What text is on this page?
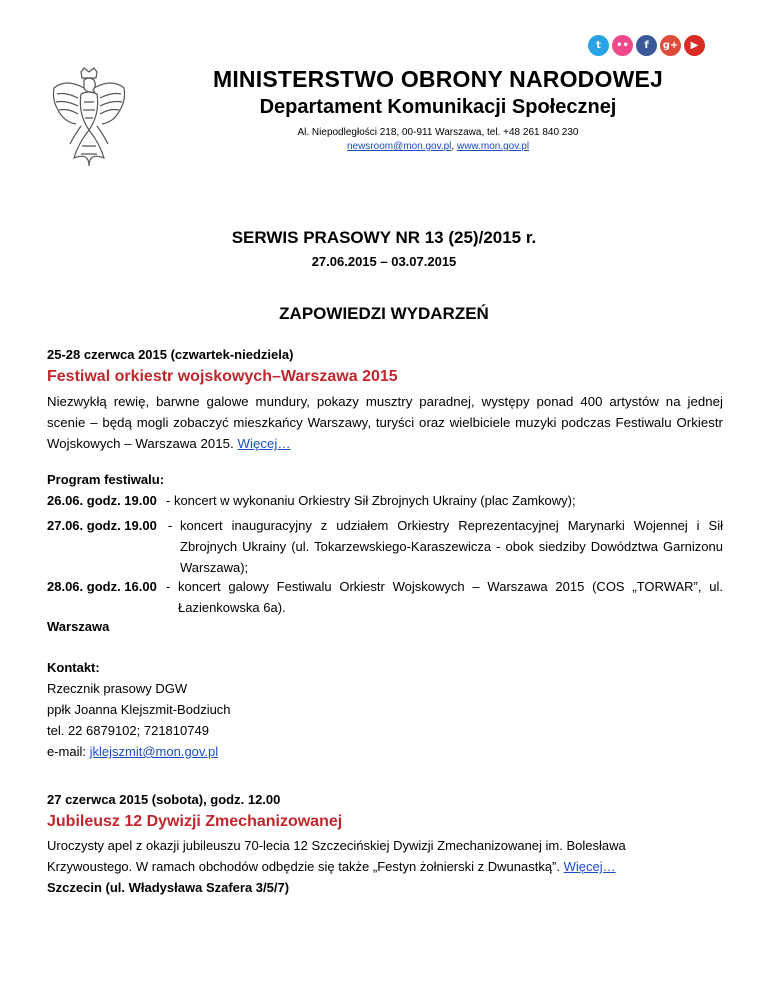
t	••	f	g+	▶
MINISTERSTWO OBRONY NARODOWEJ
Departament Komunikacji Społecznej
Al. Niepodległości 218, 00-911 Warszawa, tel. +48 261 840 230
newsroom@mon.gov.pl, www.mon.gov.pl
SERWIS PRASOWY NR 13 (25)/2015 r.
27.06.2015 – 03.07.2015
ZAPOWIEDZI WYDARZEŃ
25-28 czerwca 2015 (czwartek-niedziela)
Festiwal orkiestr wojskowych–Warszawa 2015
Niezwykłą rewię, barwne galowe mundury, pokazy musztry paradnej, występy ponad 400 artystów na jednej scenie – będą mogli zobaczyć mieszkańcy Warszawy, turyści oraz wielbiciele muzyki podczas Festiwalu Orkiestr Wojskowych – Warszawa 2015. Więcej…
Program festiwalu:
26.06. godz. 19.00 - koncert w wykonaniu Orkiestry Sił Zbrojnych Ukrainy (plac Zamkowy);
27.06. godz. 19.00 - koncert inauguracyjny z udziałem Orkiestry Reprezentacyjnej Marynarki Wojennej i Sił Zbrojnych Ukrainy (ul. Tokarzewskiego-Karaszewicza - obok siedziby Dowództwa Garnizonu Warszawa);
28.06. godz. 16.00 - koncert galowy Festiwalu Orkiestr Wojskowych – Warszawa 2015 (COS „TORWAR”, ul. Łazienkowska 6a).
Warszawa
Kontakt:
Rzecznik prasowy DGW
ppłk Joanna Klejszmit-Bodziuch
tel. 22 6879102; 721810749
e-mail: jklejszmit@mon.gov.pl
27 czerwca 2015 (sobota), godz. 12.00
Jubileusz 12 Dywizji Zmechanizowanej
Uroczysty apel z okazji jubileuszu 70-lecia 12 Szczecińskiej Dywizji Zmechanizowanej im. Bolesława
Krzywoustego. W ramach obchodów odbędzie się także „Festyn żołnierski z Dwunastką”. Więcej…
Szczecin (ul. Władysława Szafera 3/5/7)
